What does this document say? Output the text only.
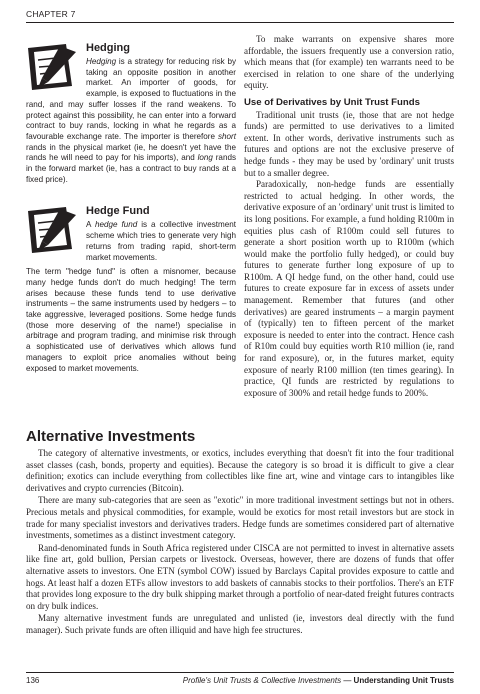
CHAPTER 7
Hedging
Hedging is a strategy for reducing risk by taking an opposite position in another market. An importer of goods, for example, is exposed to fluctuations in the rand, and may suffer losses if the rand weakens. To protect against this possibility, he can enter into a forward contract to buy rands, locking in what he regards as a favourable exchange rate. The importer is therefore short rands in the physical market (ie, he doesn't yet have the rands he will need to pay for his imports), and long rands in the forward market (ie, has a contract to buy rands at a fixed price).
Hedge Fund

A hedge fund is a collective investment scheme which tries to generate very high returns from trading rapid, short-term market movements.

The term "hedge fund" is often a misnomer, because many hedge funds don't do much hedging! The term arises because these funds tend to use derivative instruments – the same instruments used by hedgers – to take aggressive, leveraged positions. Some hedge funds (those more deserving of the name!) specialise in arbitrage and program trading, and minimise risk through a sophisticated use of derivatives which allows fund managers to exploit price anomalies without being exposed to market movements.

To make warrants on expensive shares more affordable, the issuers frequently use a conversion ratio, which means that (for example) ten warrants need to be exercised in relation to one share of the underlying equity.

Use of Derivatives by Unit Trust Funds

Traditional unit trusts (ie, those that are not hedge funds) are permitted to use derivatives to a limited extent. In other words, derivative instruments such as futures and options are not the exclusive preserve of hedge funds - they may be used by 'ordinary' unit trusts but to a smaller degree.

Paradoxically, non-hedge funds are essentially restricted to actual hedging. In other words, the derivative exposure of an 'ordinary' unit trust is limited to its long positions. For example, a fund holding R100m in equities plus cash of R100m could sell futures to generate a short position worth up to R100m (which would make the portfolio fully hedged), or could buy futures to generate further long exposure of up to R100m. A QI hedge fund, on the other hand, could use futures to create exposure far in excess of assets under management. Remember that futures (and other derivatives) are geared instruments – a margin payment of (typically) ten to fifteen percent of the market exposure is needed to enter into the contract. Hence cash of R10m could buy equities worth R10 million (ie, rand for rand exposure), or, in the futures market, equity exposure of nearly R100 million (ten times gearing). In practice, QI funds are restricted by regulations to exposure of 300% and retail hedge funds to 200%.

Alternative Investments

The category of alternative investments, or exotics, includes everything that doesn't fit into the four traditional asset classes (cash, bonds, property and equities). Because the category is so broad it is difficult to give a clear definition; exotics can include everything from collectibles like fine art, wine and vintage cars to intangibles like derivatives and crypto currencies (Bitcoin).

There are many sub-categories that are seen as "exotic" in more traditional investment settings but not in others. Precious metals and physical commodities, for example, would be exotics for most retail investors but are stock in trade for many specialist investors and derivatives traders. Hedge funds are sometimes considered part of alternative investments, sometimes as a distinct investment category.

Rand-denominated funds in South Africa registered under CISCA are not permitted to invest in alternative assets like fine art, gold bullion, Persian carpets or livestock. Overseas, however, there are dozens of funds that offer alternative assets to investors. One ETN (symbol COW) issued by Barclays Capital provides exposure to cattle and hogs. At least half a dozen ETFs allow investors to add baskets of cannabis stocks to their portfolios. There's an ETF that provides long exposure to the dry bulk shipping market through a portfolio of near-dated freight futures contracts on dry bulk indices.

Many alternative investment funds are unregulated and unlisted (ie, investors deal directly with the fund manager). Such private funds are often illiquid and have high fee structures.

136	Profile's Unit Trusts & Collective Investments — Understanding Unit Trusts
